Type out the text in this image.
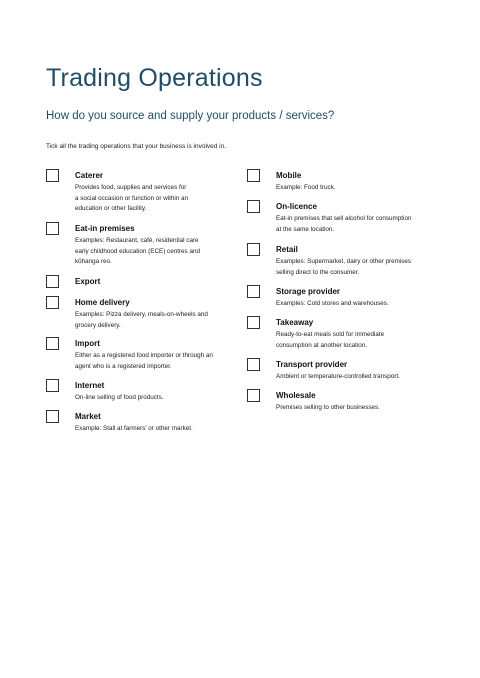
Trading Operations
How do you source and supply your products / services?
Tick all the trading operations that your business is involved in.
Caterer
Provides food, supplies and services for
a social occasion or function or within an
education or other facility.
Eat-in premises
Examples: Restaurant, café, residential care
early childhood education (ECE) centres and
kōhanga reo.
Export
Home delivery
Examples: Pizza delivery, meals-on-wheels and
grocery delivery.
Import
Either as a registered food importer or through an
agent who is a registered importer.
Internet
On-line selling of food products.
Market
Example: Stall at farmers' or other market.
Mobile
Example: Food truck.
On-licence
Eat-in premises that sell alcohol for consumption
at the same location.
Retail
Examples: Supermarket, dairy or other premises
selling direct to the consumer.
Storage provider
Examples: Cold stores and warehouses.
Takeaway
Ready-to-eat meals sold for immediate
consumption at another location.
Transport provider
Ambient or temperature-controlled transport.
Wholesale
Premises selling to other businesses.
